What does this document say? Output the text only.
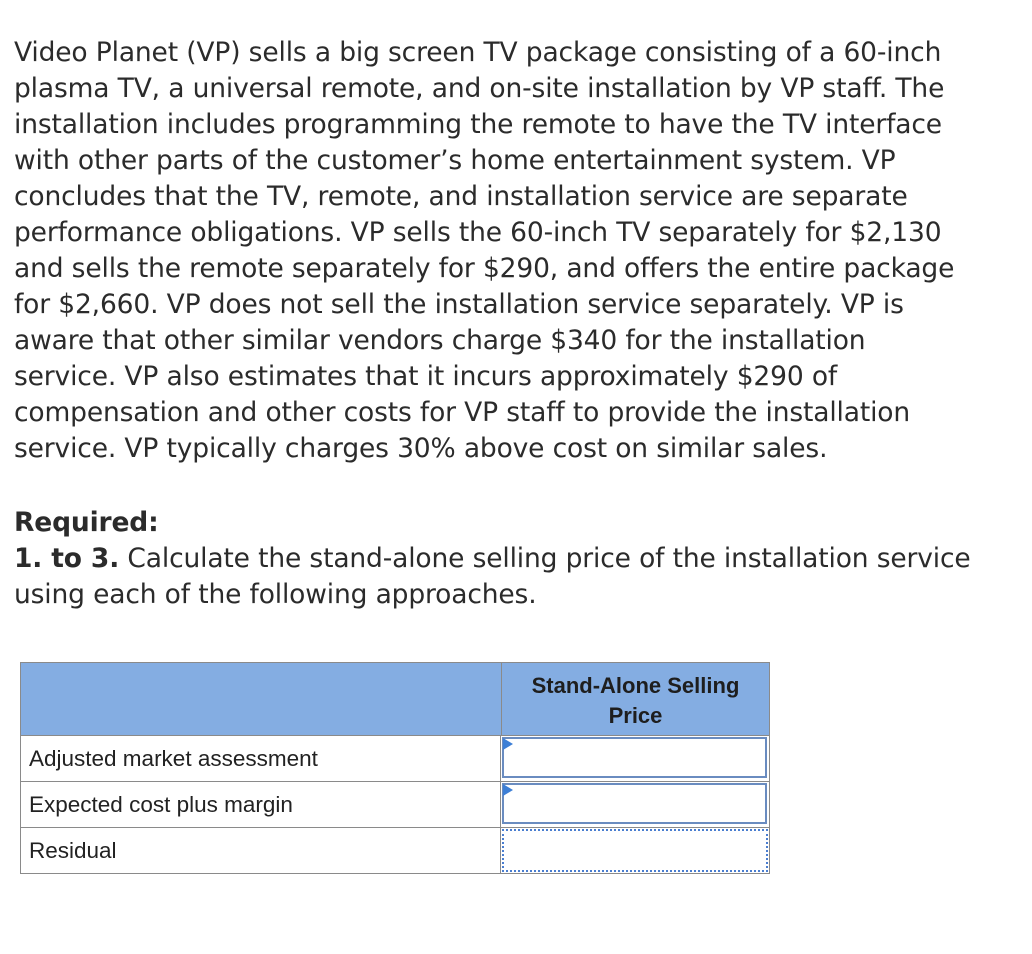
Video Planet (VP) sells a big screen TV package consisting of a 60-inch

plasma TV, a universal remote, and on-site installation by VP staff. The

installation includes programming the remote to have the TV interface

with other parts of the customer’s home entertainment system. VP

concludes that the TV, remote, and installation service are separate

performance obligations. VP sells the 60-inch TV separately for $2,130

and sells the remote separately for $290, and offers the entire package

for $2,660. VP does not sell the installation service separately. VP is

aware that other similar vendors charge $340 for the installation

service. VP also estimates that it incurs approximately $290 of

compensation and other costs for VP staff to provide the installation

service. VP typically charges 30% above cost on similar sales.

Required:

1. to 3. Calculate the stand-alone selling price of the installation service

using each of the following approaches.

Stand-Alone Selling
Price
Adjusted market assessment
Expected cost plus margin
Residual
